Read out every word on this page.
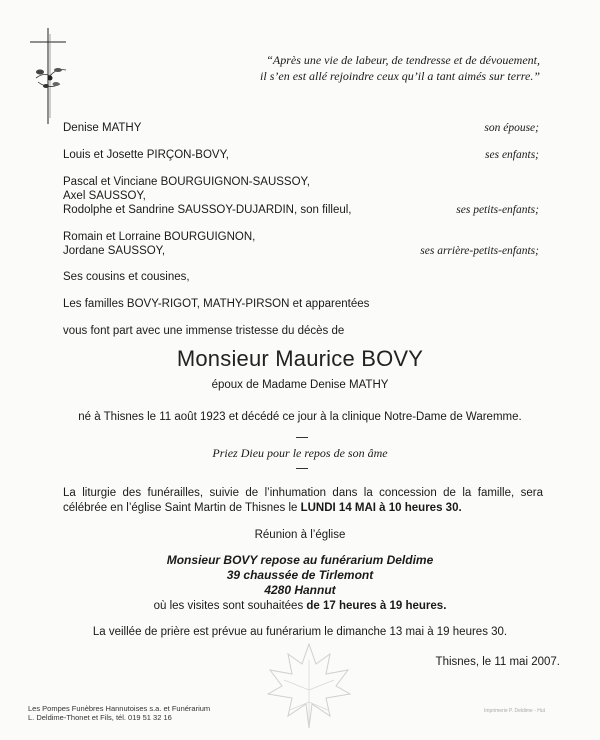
“Après une vie de labeur, de tendresse et de dévouement,
il s’en est allé rejoindre ceux qu’il a tant aimés sur terre.”
Denise MATHY	son épouse;
Louis et Josette PIRÇON-BOVY,	ses enfants;
Pascal et Vinciane BOURGUIGNON-SAUSSOY,
Axel SAUSSOY,
Rodolphe et Sandrine SAUSSOY-DUJARDIN, son filleul,	ses petits-enfants;
Romain et Lorraine BOURGUIGNON,
Jordane SAUSSOY,	ses arrière-petits-enfants;
Ses cousins et cousines,
Les familles BOVY-RIGOT, MATHY-PIRSON et apparentées
vous font part avec une immense tristesse du décès de
Monsieur Maurice BOVY
époux de Madame Denise MATHY
né à Thisnes le 11 août 1923 et décédé ce jour à la clinique Notre-Dame de Waremme.
Priez Dieu pour le repos de son âme
La liturgie des funérailles, suivie de l’inhumation dans la concession de la famille, sera célébrée en l’église Saint Martin de Thisnes le LUNDI 14 MAI à 10 heures 30.
Réunion à l’église
Monsieur BOVY repose au funérarium Deldime
39 chaussée de Tirlemont
4280 Hannut
où les visites sont souhaitées de 17 heures à 19 heures.
La veillée de prière est prévue au funérarium le dimanche 13 mai à 19 heures 30.
Thisnes, le 11 mai 2007.
Les Pompes Funèbres Hannutoises s.a. et Funérarium
L. Deldime-Thonet et Fils, tél. 019 51 32 16
Imprimerie P. Deldime - Hut
